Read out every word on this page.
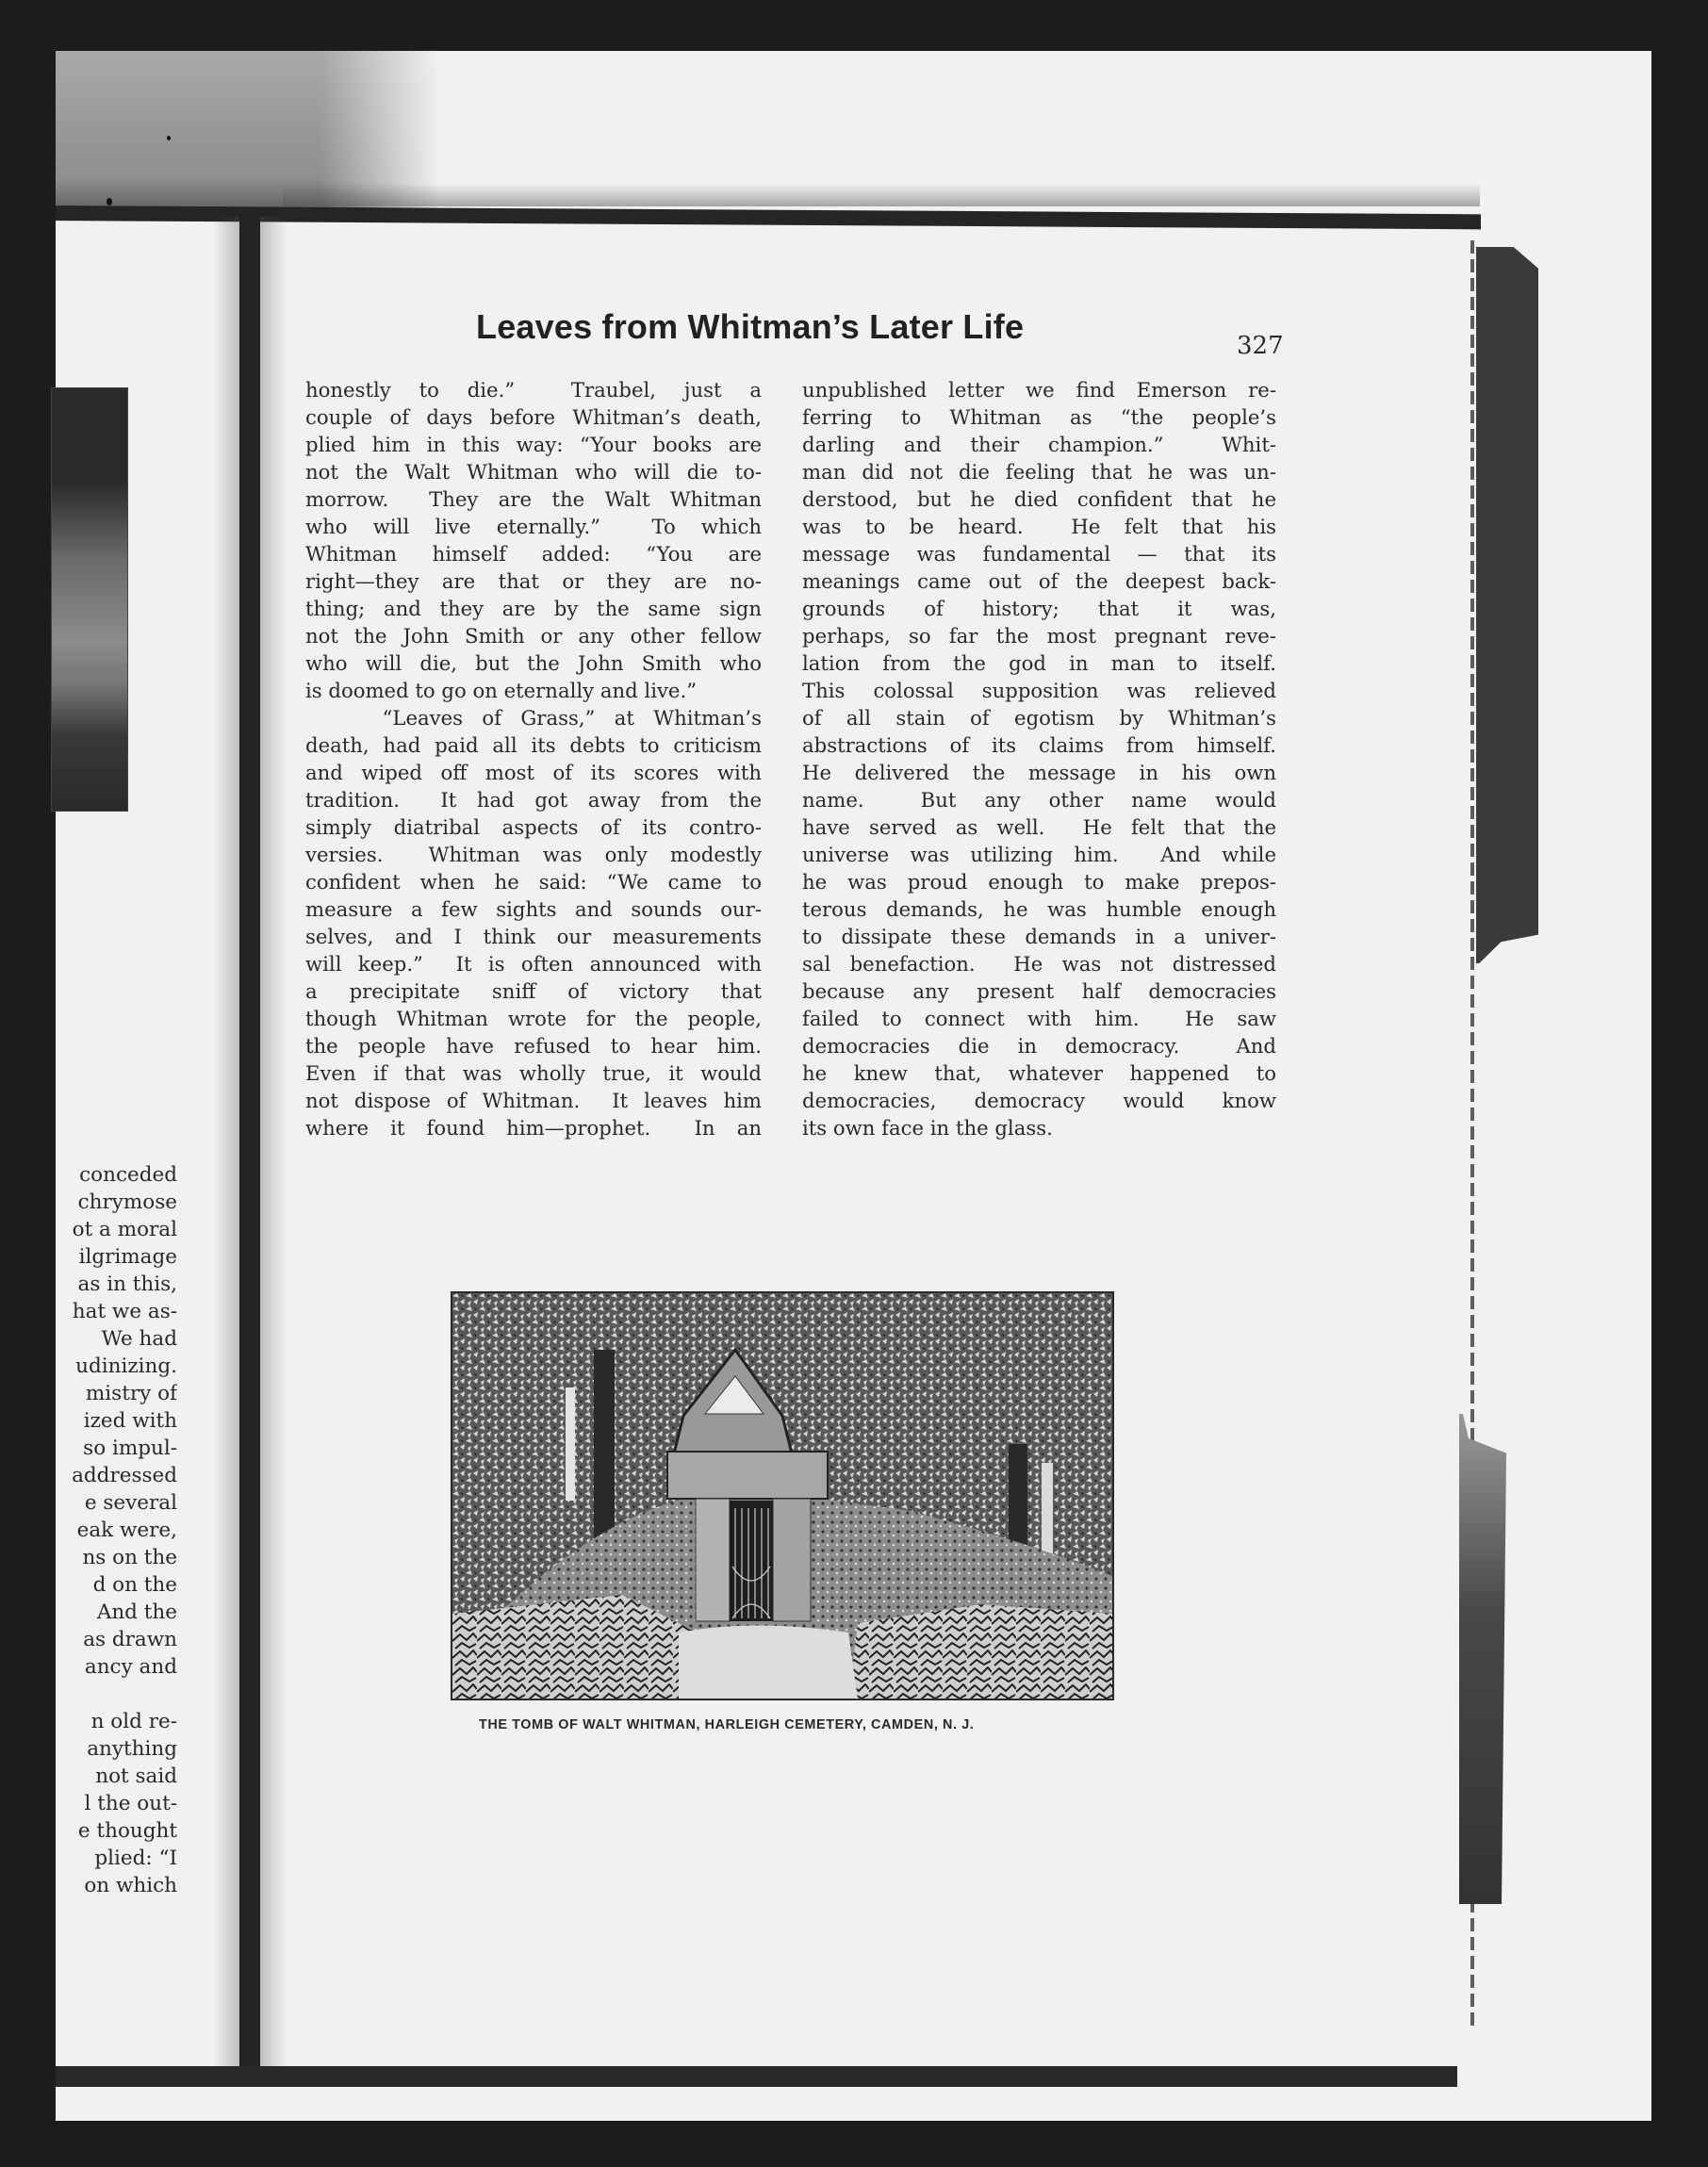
Leaves from Whitman’s Later Life	327
conceded
chrymose
ot a moral
ilgrimage
as in this,
hat we as-
We had
udinizing.
mistry of
ized with
so impul-
addressed
e several
eak were,
ns on the
d on the
And the
as drawn
ancy and
n old re-
anything
not said
l the out-
e thought
plied: “I
on which
honestly to die.”  Traubel, just a
couple of days before Whitman’s death,
plied him in this way: “Your books are
not the Walt Whitman who will die to-
morrow.  They are the Walt Whitman
who will live eternally.”  To which
Whitman himself added: “You are
right—they are that or they are no-
thing; and they are by the same sign
not the John Smith or any other fellow
who will die, but the John Smith who
is doomed to go on eternally and live.”
“Leaves of Grass,” at Whitman’s
death, had paid all its debts to criticism
and wiped off most of its scores with
tradition.  It had got away from the
simply diatribal aspects of its contro-
versies.  Whitman was only modestly
confident when he said: “We came to
measure a few sights and sounds our-
selves, and I think our measurements
will keep.”  It is often announced with
a precipitate sniff of victory that
though Whitman wrote for the people,
the people have refused to hear him.
Even if that was wholly true, it would
not dispose of Whitman.  It leaves him
where it found him—prophet.  In an
unpublished letter we find Emerson re-
ferring to Whitman as “the people’s
darling and their champion.”  Whit-
man did not die feeling that he was un-
derstood, but he died confident that he
was to be heard.  He felt that his
message was fundamental — that its
meanings came out of the deepest back-
grounds of history; that it was,
perhaps, so far the most pregnant reve-
lation from the god in man to itself.
This colossal supposition was relieved
of all stain of egotism by Whitman’s
abstractions of its claims from himself.
He delivered the message in his own
name.  But any other name would
have served as well.  He felt that the
universe was utilizing him.  And while
he was proud enough to make prepos-
terous demands, he was humble enough
to dissipate these demands in a univer-
sal benefaction.  He was not distressed
because any present half democracies
failed to connect with him.  He saw
democracies die in democracy.  And
he knew that, whatever happened to
democracies, democracy would know
its own face in the glass.
THE TOMB OF WALT WHITMAN, HARLEIGH CEMETERY, CAMDEN, N. J.
